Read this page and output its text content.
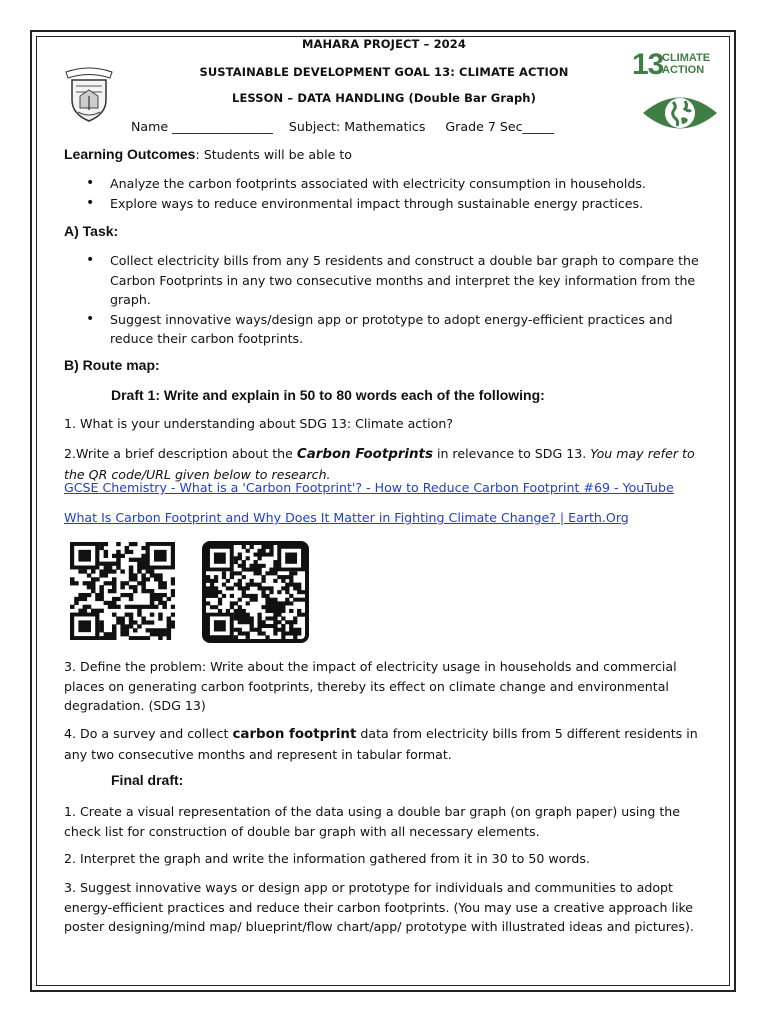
MAHARA PROJECT – 2024
SUSTAINABLE DEVELOPMENT GOAL 13: CLIMATE ACTION
LESSON – DATA HANDLING (Double Bar Graph)
Name ________________    Subject: Mathematics     Grade 7 Sec_____
13
CLIMATE
ACTION
Learning Outcomes: Students will be able to
• Analyze the carbon footprints associated with electricity consumption in households.
• Explore ways to reduce environmental impact through sustainable energy practices.
A) Task:
• Collect electricity bills from any 5 residents and construct a double bar graph to compare the Carbon Footprints in any two consecutive months and interpret the key information from the graph.
• Suggest innovative ways/design app or prototype to adopt energy-efficient practices and reduce their carbon footprints.
B) Route map:
Draft 1: Write and explain in 50 to 80 words each of the following:
1. What is your understanding about SDG 13: Climate action?
2.Write a brief description about the Carbon Footprints in relevance to SDG 13. You may refer to the QR code/URL given below to research.
GCSE Chemistry - What is a 'Carbon Footprint'? - How to Reduce Carbon Footprint #69 - YouTube
What Is Carbon Footprint and Why Does It Matter in Fighting Climate Change? | Earth.Org
3. Define the problem: Write about the impact of electricity usage in households and commercial places on generating carbon footprints, thereby its effect on climate change and environmental degradation. (SDG 13)
4. Do a survey and collect carbon footprint data from electricity bills from 5 different residents in any two consecutive months and represent in tabular format.
Final draft:
1. Create a visual representation of the data using a double bar graph (on graph paper) using the check list for construction of double bar graph with all necessary elements.
2. Interpret the graph and write the information gathered from it in 30 to 50 words.
3. Suggest innovative ways or design app or prototype for individuals and communities to adopt energy-efficient practices and reduce their carbon footprints. (You may use a creative approach like poster designing/mind map/ blueprint/flow chart/app/ prototype with illustrated ideas and pictures).
